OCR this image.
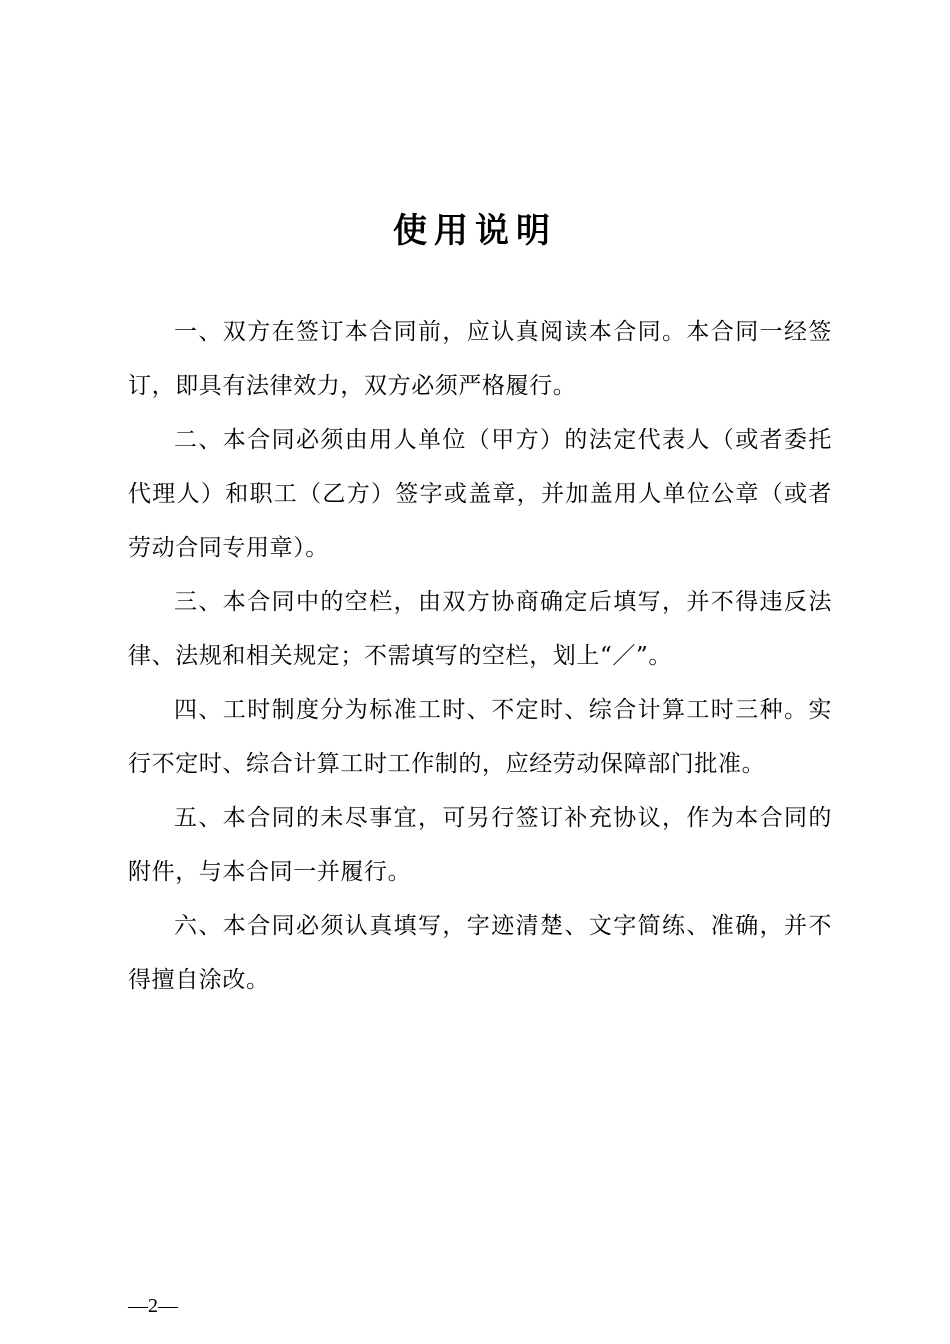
使用说明

一、双方在签订本合同前，应认真阅读本合同。本合同一经签订，即具有法律效力，双方必须严格履行。

二、本合同必须由用人单位（甲方）的法定代表人（或者委托代理人）和职工（乙方）签字或盖章，并加盖用人单位公章（或者劳动合同专用章）。

三、本合同中的空栏，由双方协商确定后填写，并不得违反法律、法规和相关规定；不需填写的空栏，划上“／”。

四、工时制度分为标准工时、不定时、综合计算工时三种。实行不定时、综合计算工时工作制的，应经劳动保障部门批准。

五、本合同的未尽事宜，可另行签订补充协议，作为本合同的附件，与本合同一并履行。

六、本合同必须认真填写，字迹清楚、文字简练、准确，并不得擅自涂改。

—2—
